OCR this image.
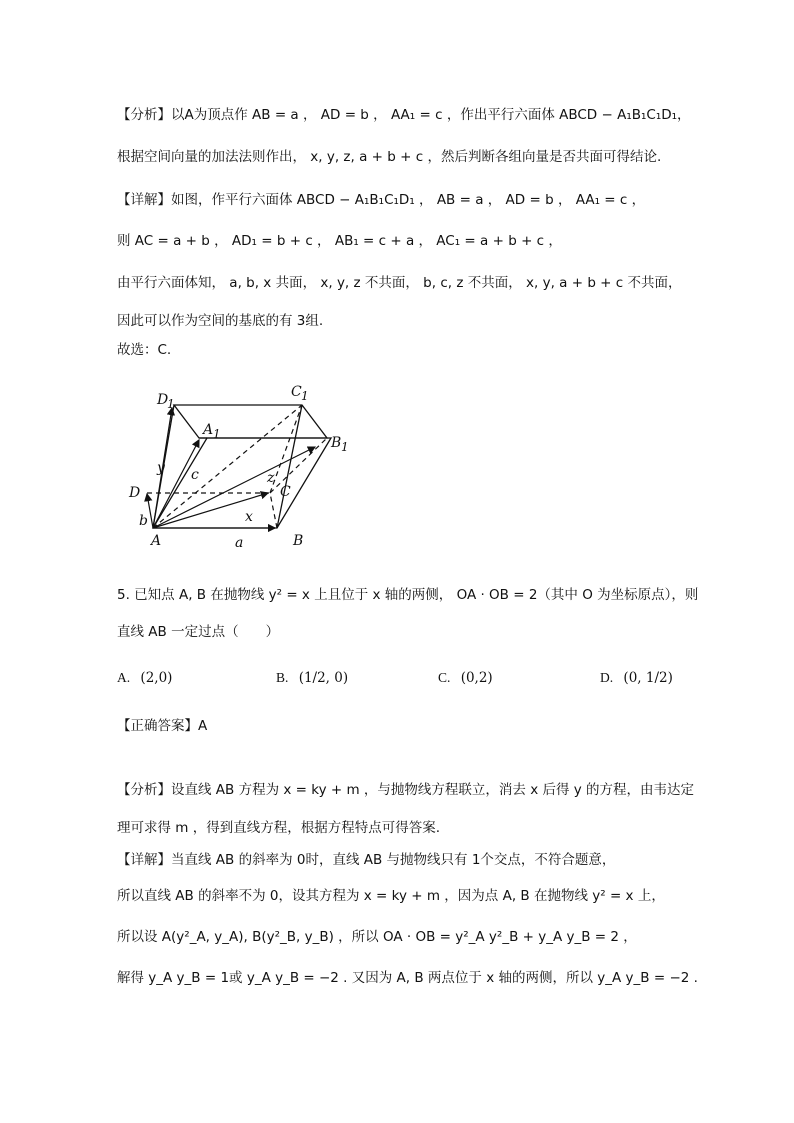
【分析】以A为顶点作 AB = a ， AD = b ， AA₁ = c ，作出平行六面体 ABCD − A₁B₁C₁D₁，
根据空间向量的加法法则作出， x, y, z, a + b + c ，然后判断各组向量是否共面可得结论.
【详解】如图，作平行六面体 ABCD − A₁B₁C₁D₁ ， AB = a ， AD = b ， AA₁ = c ，
则 AC = a + b ， AD₁ = b + c ， AB₁ = c + a ， AC₁ = a + b + c ，
由平行六面体知， a, b, x 共面， x, y, z 不共面， b, c, z 不共面， x, y, a + b + c 不共面，
因此可以作为空间的基底的有 3组.
故选：C.
D
1
C 1
A 1
B 1
D	C
A	B
y c	z
b	x
a
5. 已知点 A, B 在抛物线 y² = x 上且位于 x 轴的两侧， OA · OB = 2（其中 O 为坐标原点），则
直线 AB 一定过点（　　）
A. (2,0)	B. (1/2, 0)	C. (0,2)	D. (0, 1/2)
【正确答案】A
【分析】设直线 AB 方程为 x = ky + m ，与抛物线方程联立，消去 x 后得 y 的方程，由韦达定
理可求得 m ，得到直线方程，根据方程特点可得答案.
【详解】当直线 AB 的斜率为 0时，直线 AB 与抛物线只有 1个交点，不符合题意，
所以直线 AB 的斜率不为 0，设其方程为 x = ky + m ，因为点 A, B 在抛物线 y² = x 上，
所以设 A(y²_A, y_A), B(y²_B, y_B) ，所以 OA · OB = y²_A y²_B + y_A y_B = 2 ，
解得 y_A y_B = 1或 y_A y_B = −2 . 又因为 A, B 两点位于 x 轴的两侧，所以 y_A y_B = −2 .
